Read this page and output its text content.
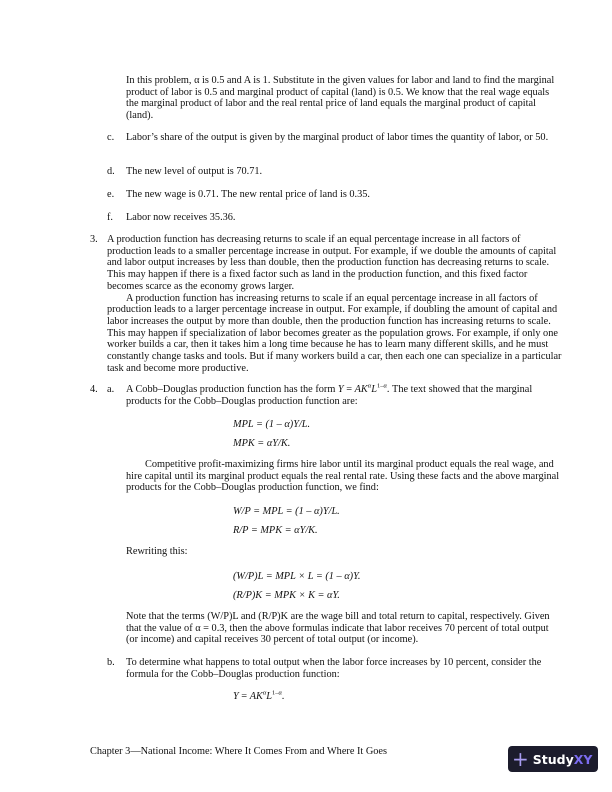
In this problem, α is 0.5 and A is 1. Substitute in the given values for labor and land to find the marginal product of labor is 0.5 and marginal product of capital (land) is 0.5. We know that the real wage equals the marginal product of labor and the real rental price of land equals the marginal product of capital (land).
c. Labor’s share of the output is given by the marginal product of labor times the quantity of labor, or 50.
d. The new level of output is 70.71.
e. The new wage is 0.71. The new rental price of land is 0.35.
f. Labor now receives 35.36.
3. A production function has decreasing returns to scale if an equal percentage increase in all factors of production leads to a smaller percentage increase in output. For example, if we double the amounts of capital and labor output increases by less than double, then the production function has decreasing returns to scale. This may happen if there is a fixed factor such as land in the production function, and this fixed factor becomes scarce as the economy grows larger.
A production function has increasing returns to scale if an equal percentage increase in all factors of production leads to a larger percentage increase in output. For example, if doubling the amount of capital and labor increases the output by more than double, then the production function has increasing returns to scale. This may happen if specialization of labor becomes greater as the population grows. For example, if only one worker builds a car, then it takes him a long time because he has to learn many different skills, and he must constantly change tasks and tools. But if many workers build a car, then each one can specialize in a particular task and become more productive.
4. a. A Cobb–Douglas production function has the form $Y = AK^\alpha L^{1-\alpha}$. The text showed that the marginal products for the Cobb–Douglas production function are:
MPL = (1 – α)Y/L.
MPK = αY/K.
Competitive profit-maximizing firms hire labor until its marginal product equals the real wage, and hire capital until its marginal product equals the real rental rate. Using these facts and the above marginal products for the Cobb–Douglas production function, we find:
W/P = MPL = (1 – α)Y/L.
R/P = MPK = αY/K.
Rewriting this:
(W/P)L = MPL × L = (1 – α)Y.
(R/P)K = MPK × K = αY.
Note that the terms (W/P)L and (R/P)K are the wage bill and total return to capital, respectively. Given that the value of α = 0.3, then the above formulas indicate that labor receives 70 percent of total output (or income) and capital receives 30 percent of total output (or income).
b. To determine what happens to total output when the labor force increases by 10 percent, consider the formula for the Cobb–Douglas production function:
$Y = AK^\alpha L^{1-\alpha}$.
Chapter 3—National Income: Where It Comes From and Where It Goes	+ StudyXY
